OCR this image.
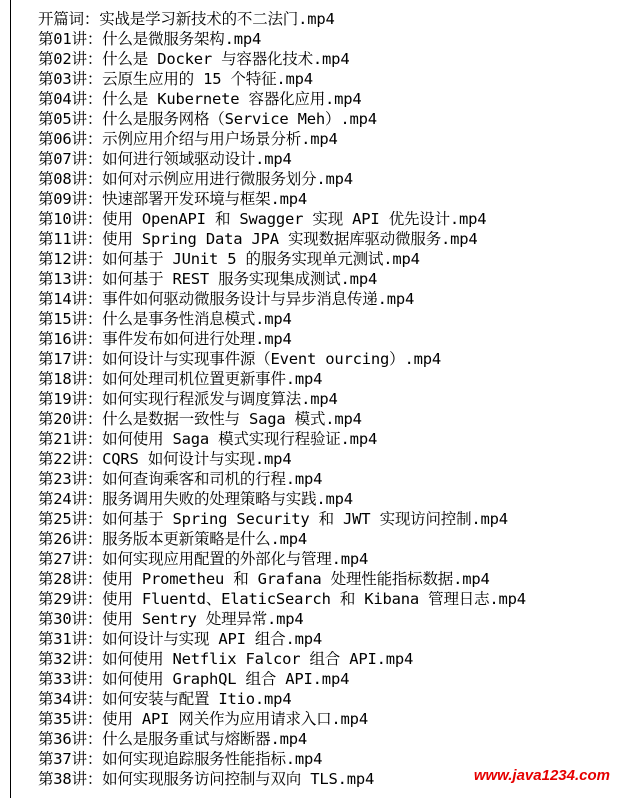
开篇词：实战是学习新技术的不二法门.mp4
第01讲：什么是微服务架构.mp4
第02讲：什么是 Docker 与容器化技术.mp4
第03讲：云原生应用的 15 个特征.mp4
第04讲：什么是 Kubernete 容器化应用.mp4
第05讲：什么是服务网格（Service Meh）.mp4
第06讲：示例应用介绍与用户场景分析.mp4
第07讲：如何进行领域驱动设计.mp4
第08讲：如何对示例应用进行微服务划分.mp4
第09讲：快速部署开发环境与框架.mp4
第10讲：使用 OpenAPI 和 Swagger 实现 API 优先设计.mp4
第11讲：使用 Spring Data JPA 实现数据库驱动微服务.mp4
第12讲：如何基于 JUnit 5 的服务实现单元测试.mp4
第13讲：如何基于 REST 服务实现集成测试.mp4
第14讲：事件如何驱动微服务设计与异步消息传递.mp4
第15讲：什么是事务性消息模式.mp4
第16讲：事件发布如何进行处理.mp4
第17讲：如何设计与实现事件源（Event ourcing）.mp4
第18讲：如何处理司机位置更新事件.mp4
第19讲：如何实现行程派发与调度算法.mp4
第20讲：什么是数据一致性与 Saga 模式.mp4
第21讲：如何使用 Saga 模式实现行程验证.mp4
第22讲：CQRS 如何设计与实现.mp4
第23讲：如何查询乘客和司机的行程.mp4
第24讲：服务调用失败的处理策略与实践.mp4
第25讲：如何基于 Spring Security 和 JWT 实现访问控制.mp4
第26讲：服务版本更新策略是什么.mp4
第27讲：如何实现应用配置的外部化与管理.mp4
第28讲：使用 Prometheu 和 Grafana 处理性能指标数据.mp4
第29讲：使用 Fluentd、ElaticSearch 和 Kibana 管理日志.mp4
第30讲：使用 Sentry 处理异常.mp4
第31讲：如何设计与实现 API 组合.mp4
第32讲：如何使用 Netflix Falcor 组合 API.mp4
第33讲：如何使用 GraphQL 组合 API.mp4
第34讲：如何安装与配置 Itio.mp4
第35讲：使用 API 网关作为应用请求入口.mp4
第36讲：什么是服务重试与熔断器.mp4
第37讲：如何实现追踪服务性能指标.mp4
第38讲：如何实现服务访问控制与双向 TLS.mp4	www.java1234.com
